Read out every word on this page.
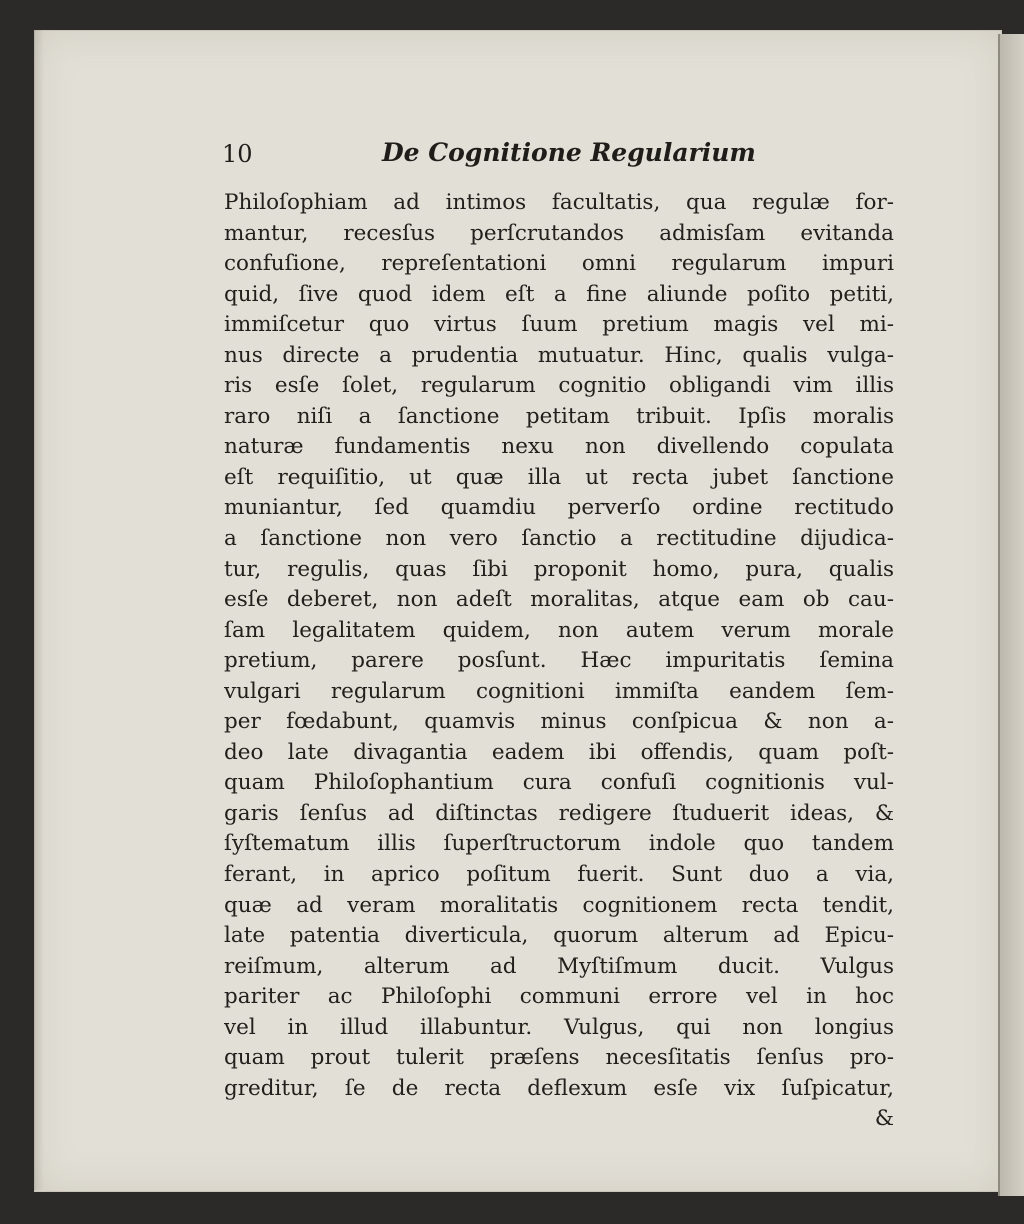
10	De Cognitione Regularium
Philoſophiam ad intimos facultatis, qua regulæ for-
mantur, recesſus perſcrutandos admisſam evitanda
confuſione, repreſentationi omni regularum impuri
quid, ſive quod idem eſt a fine aliunde poſito petiti,
immiſcetur quo virtus ſuum pretium magis vel mi-
nus directe a prudentia mutuatur. Hinc, qualis vulga-
ris esſe ſolet, regularum cognitio obligandi vim illis
raro niſi a ſanctione petitam tribuit. Ipſis moralis
naturæ fundamentis nexu non divellendo copulata
eſt requiſitio, ut quæ illa ut recta jubet ſanctione
muniantur, ſed quamdiu perverſo ordine rectitudo
a ſanctione non vero ſanctio a rectitudine dijudica-
tur, regulis, quas ſibi proponit homo, pura, qualis
esſe deberet, non adeſt moralitas, atque eam ob cau-
ſam legalitatem quidem, non autem verum morale
pretium, parere posſunt. Hæc impuritatis ſemina
vulgari regularum cognitioni immiſta eandem ſem-
per fœdabunt, quamvis minus conſpicua & non a-
deo late divagantia eadem ibi offendis, quam poſt-
quam Philoſophantium cura confuſi cognitionis vul-
garis ſenſus ad diſtinctas redigere ſtuduerit ideas, &
ſyſtematum illis ſuperſtructorum indole quo tandem
ferant, in aprico poſitum fuerit. Sunt duo a via,
quæ ad veram moralitatis cognitionem recta tendit,
late patentia diverticula, quorum alterum ad Epicu-
reiſmum, alterum ad Myſtiſmum ducit. Vulgus
pariter ac Philoſophi communi errore vel in hoc
vel in illud illabuntur. Vulgus, qui non longius
quam prout tulerit præſens necesſitatis ſenſus pro-
greditur, ſe de recta deflexum esſe vix ſuſpicatur,
&
